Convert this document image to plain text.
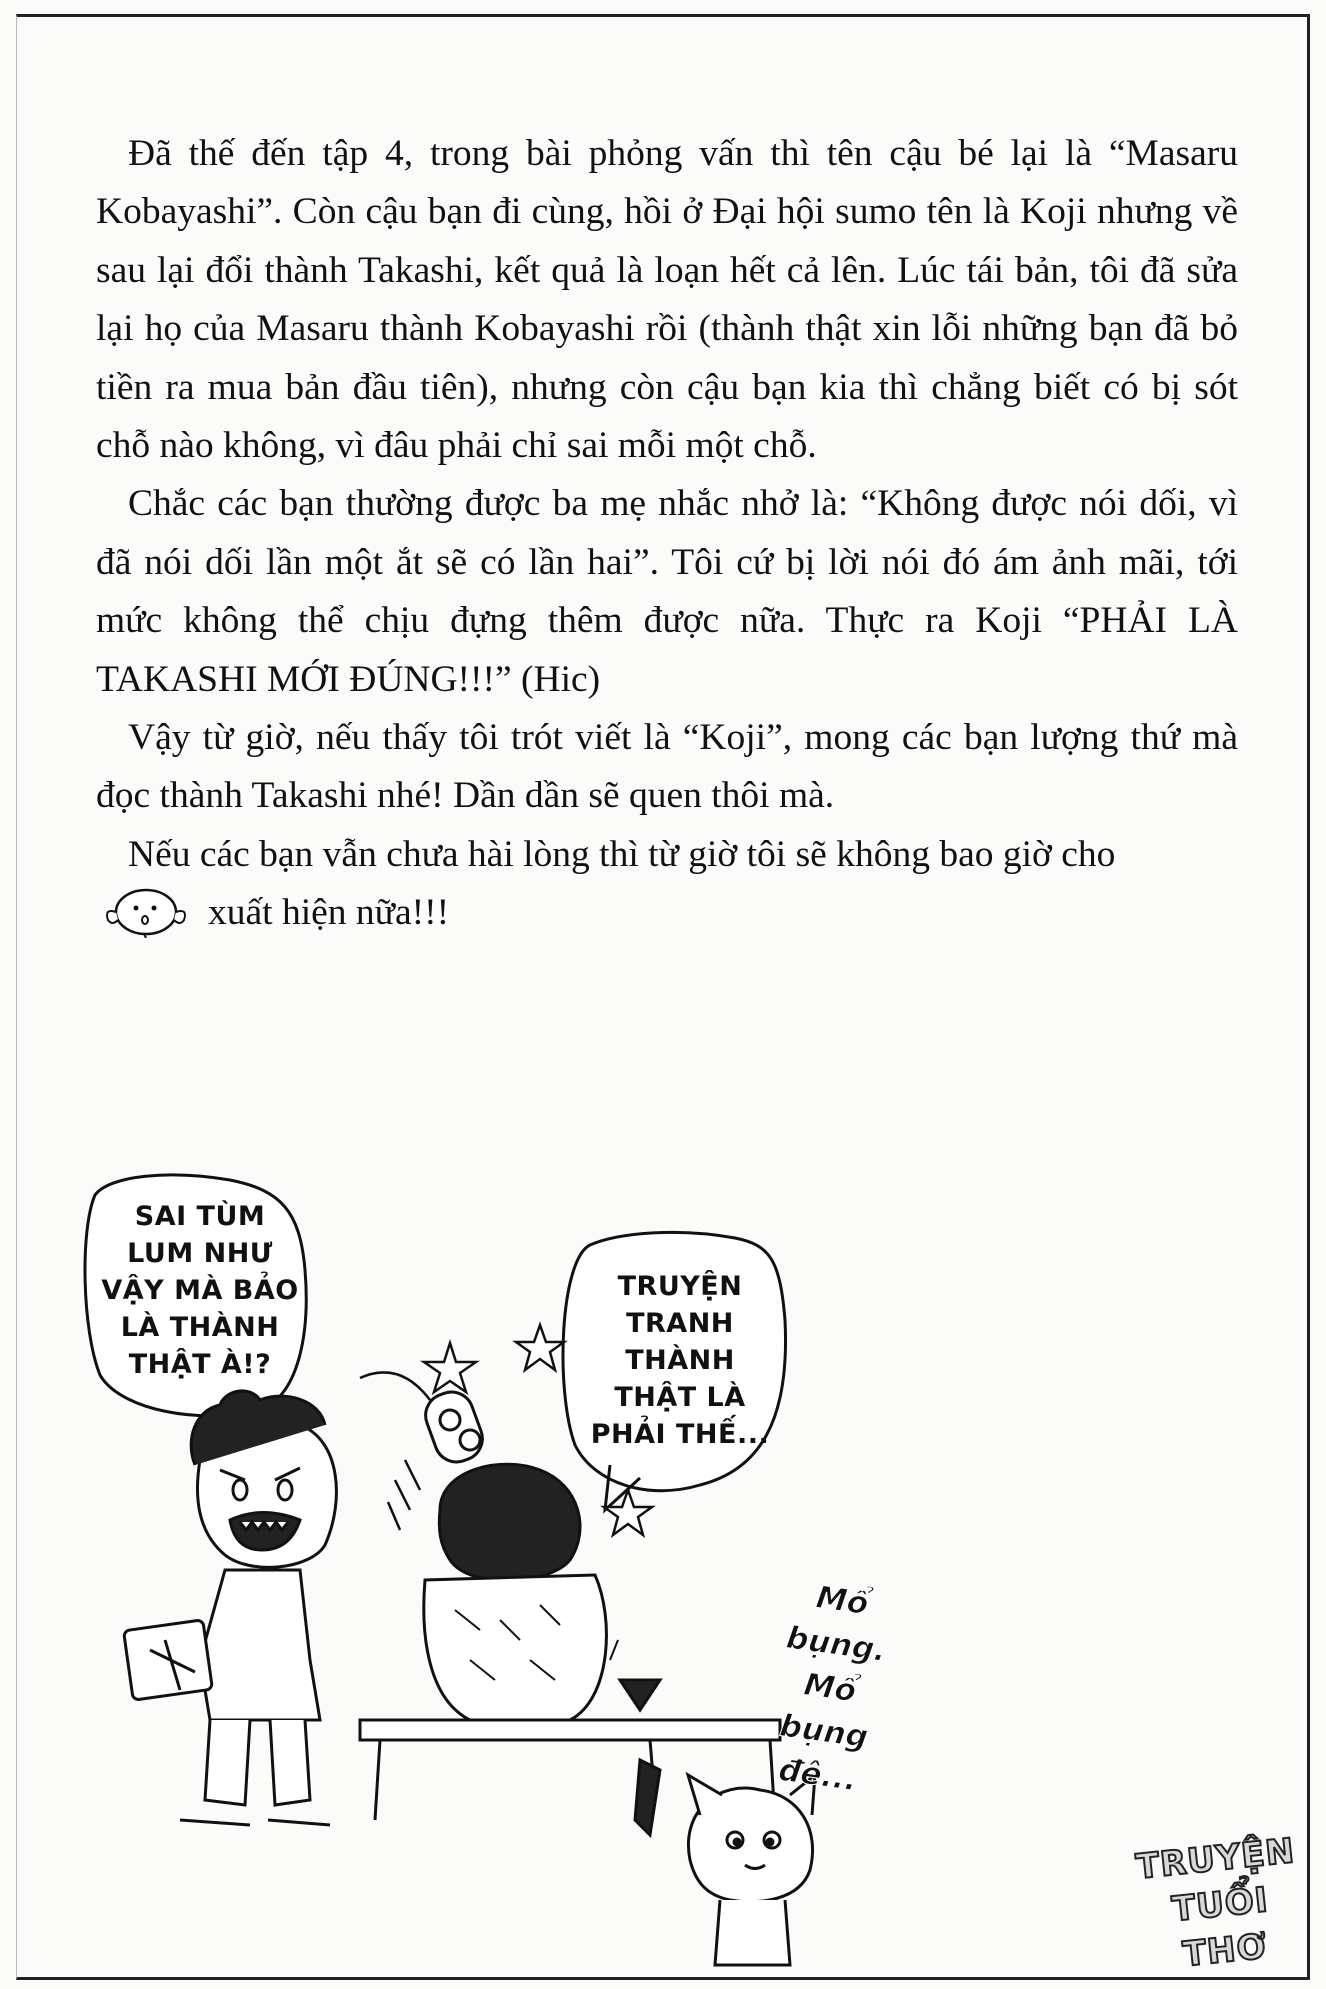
Đã thế đến tập 4, trong bài phỏng vấn thì tên cậu bé lại là “Masaru Kobayashi”. Còn cậu bạn đi cùng, hồi ở Đại hội sumo tên là Koji nhưng về sau lại đổi thành Takashi, kết quả là loạn hết cả lên. Lúc tái bản, tôi đã sửa lại họ của Masaru thành Kobayashi rồi (thành thật xin lỗi những bạn đã bỏ tiền ra mua bản đầu tiên), nhưng còn cậu bạn kia thì chẳng biết có bị sót chỗ nào không, vì đâu phải chỉ sai mỗi một chỗ.

Chắc các bạn thường được ba mẹ nhắc nhở là: “Không được nói dối, vì đã nói dối lần một ắt sẽ có lần hai”. Tôi cứ bị lời nói đó ám ảnh mãi, tới mức không thể chịu đựng thêm được nữa. Thực ra Koji “PHẢI LÀ TAKASHI MỚI ĐÚNG!!!” (Hic)

Vậy từ giờ, nếu thấy tôi trót viết là “Koji”, mong các bạn lượng thứ mà đọc thành Takashi nhé! Dần dần sẽ quen thôi mà.

Nếu các bạn vẫn chưa hài lòng thì từ giờ tôi sẽ không bao giờ cho

xuất hiện nữa!!!

SAI TÙM
LUM NHƯ
VẬY MÀ BẢO
LÀ THÀNH
THẬT À!?
TRUYỆN
TRANH
THÀNH
THẬT LÀ
PHẢI THẾ...
Mổ
bụng.
Mổ
bụng
đê...
TRUYỆN
TUỔI THƠ
